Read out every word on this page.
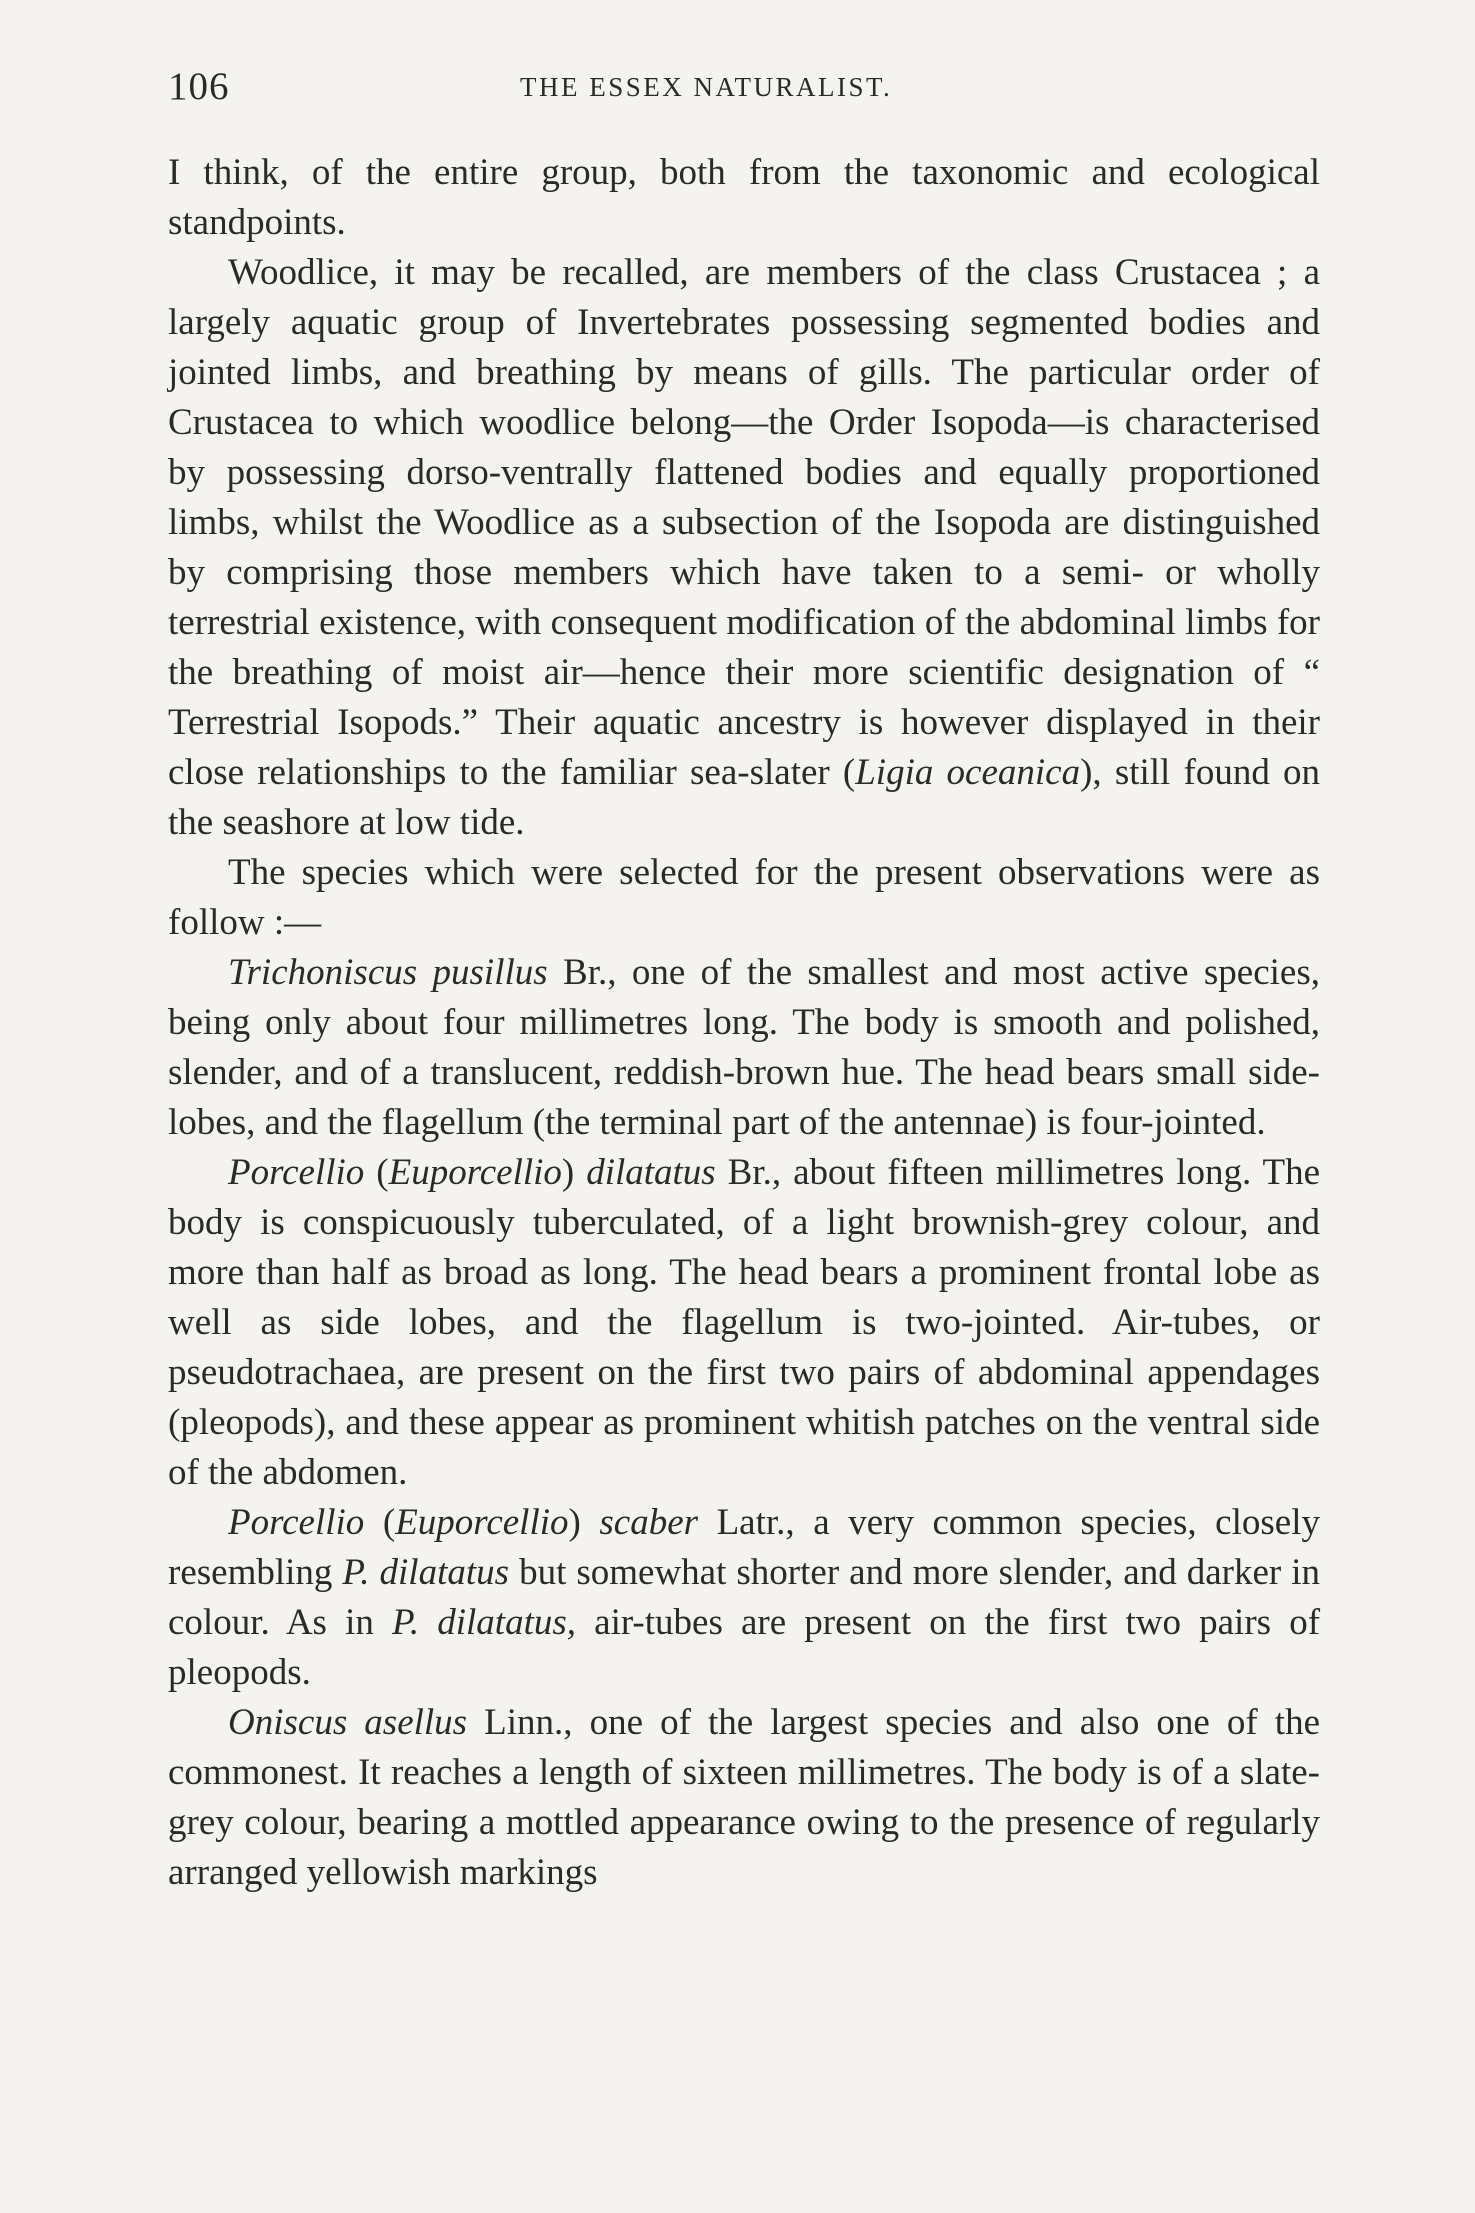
106	THE ESSEX NATURALIST.

I think, of the entire group, both from the taxonomic and ecological standpoints.

Woodlice, it may be recalled, are members of the class Crustacea ; a largely aquatic group of Invertebrates possessing segmented bodies and jointed limbs, and breathing by means of gills. The particular order of Crustacea to which woodlice belong—the Order Isopoda—is characterised by possessing dorso-ventrally flattened bodies and equally proportioned limbs, whilst the Woodlice as a subsection of the Isopoda are distinguished by comprising those members which have taken to a semi- or wholly terrestrial existence, with consequent modification of the abdominal limbs for the breathing of moist air—hence their more scientific designation of “ Terrestrial Isopods.” Their aquatic ancestry is however displayed in their close relationships to the familiar sea-slater (Ligia oceanica), still found on the seashore at low tide.

The species which were selected for the present observations were as follow :—

Trichoniscus pusillus Br., one of the smallest and most active species, being only about four millimetres long. The body is smooth and polished, slender, and of a translucent, reddish-brown hue. The head bears small side-lobes, and the flagellum (the terminal part of the antennae) is four-jointed.

Porcellio (Euporcellio) dilatatus Br., about fifteen millimetres long. The body is conspicuously tuberculated, of a light brownish-grey colour, and more than half as broad as long. The head bears a prominent frontal lobe as well as side lobes, and the flagellum is two-jointed. Air-tubes, or pseudotrachaea, are present on the first two pairs of abdominal appendages (pleopods), and these appear as prominent whitish patches on the ventral side of the abdomen.

Porcellio (Euporcellio) scaber Latr., a very common species, closely resembling P. dilatatus but somewhat shorter and more slender, and darker in colour. As in P. dilatatus, air-tubes are present on the first two pairs of pleopods.

Oniscus asellus Linn., one of the largest species and also one of the commonest. It reaches a length of sixteen millimetres. The body is of a slate-grey colour, bearing a mottled appearance owing to the presence of regularly arranged yellowish markings
